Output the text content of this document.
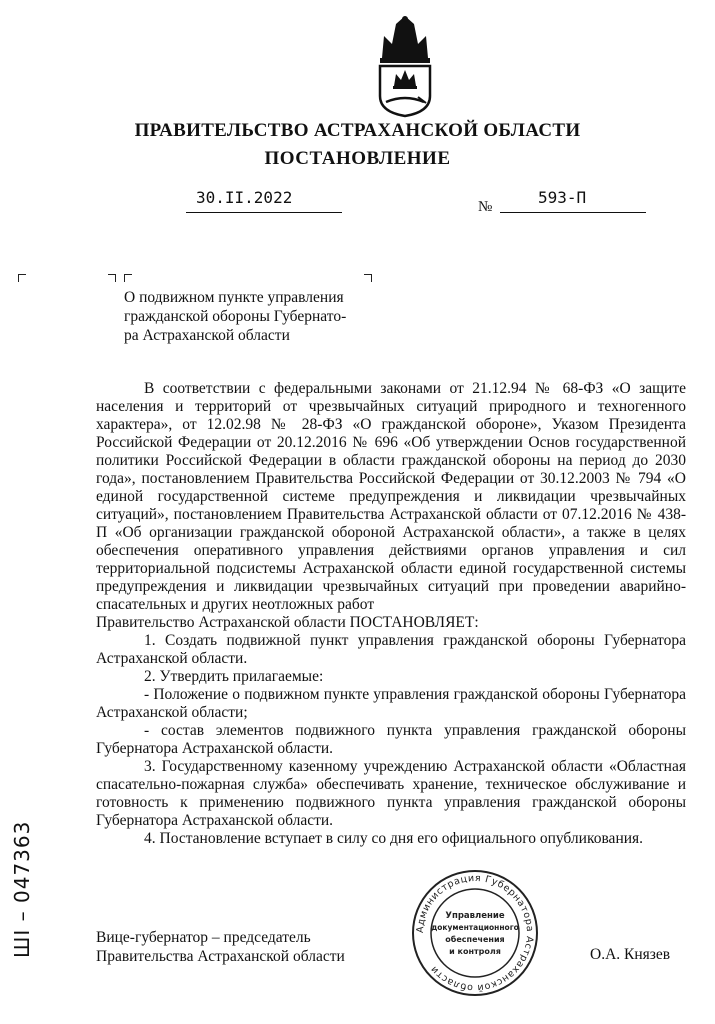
ПРАВИТЕЛЬСТВО АСТРАХАНСКОЙ ОБЛАСТИ
ПОСТАНОВЛЕНИЕ
30.II.2022	№	593-П
О подвижном пункте управления
гражданской обороны Губернато-
ра Астраханской области

В соответствии с федеральными законами от 21.12.94 № 68-ФЗ «О защите населения и территорий от чрезвычайных ситуаций природного и техногенного характера», от 12.02.98 № 28-ФЗ «О гражданской обороне», Указом Президента Российской Федерации от 20.12.2016 № 696 «Об утверждении Основ государственной политики Российской Федерации в области гражданской обороны на период до 2030 года», постановлением Правительства Российской Федерации от 30.12.2003 № 794 «О единой государственной системе предупреждения и ликвидации чрезвычайных ситуаций», постановлением Правительства Астраханской области от 07.12.2016 № 438-П «Об организации гражданской обороной Астраханской области», а также в целях обеспечения оперативного управления действиями органов управления и сил территориальной подсистемы Астраханской области единой государственной системы предупреждения и ликвидации чрезвычайных ситуаций при проведении аварийно-спасательных и других неотложных работ

Правительство Астраханской области ПОСТАНОВЛЯЕТ:

1. Создать подвижной пункт управления гражданской обороны Губернатора Астраханской области.

2. Утвердить прилагаемые:

- Положение о подвижном пункте управления гражданской обороны Губернатора Астраханской области;

- состав элементов подвижного пункта управления гражданской обороны Губернатора Астраханской области.

3. Государственному казенному учреждению Астраханской области «Областная спасательно-пожарная служба» обеспечивать хранение, техническое обслуживание и готовность к применению подвижного пункта управления гражданской обороны Губернатора Астраханской области.

4. Постановление вступает в силу со дня его официального опубликования.

Вице-губернатор – председатель
Правительства Астраханской области	О.А. Князев
Администрация Губернатора Астраханской области
Управление
документационного
обеспечения
и контроля
ШI – 047363
